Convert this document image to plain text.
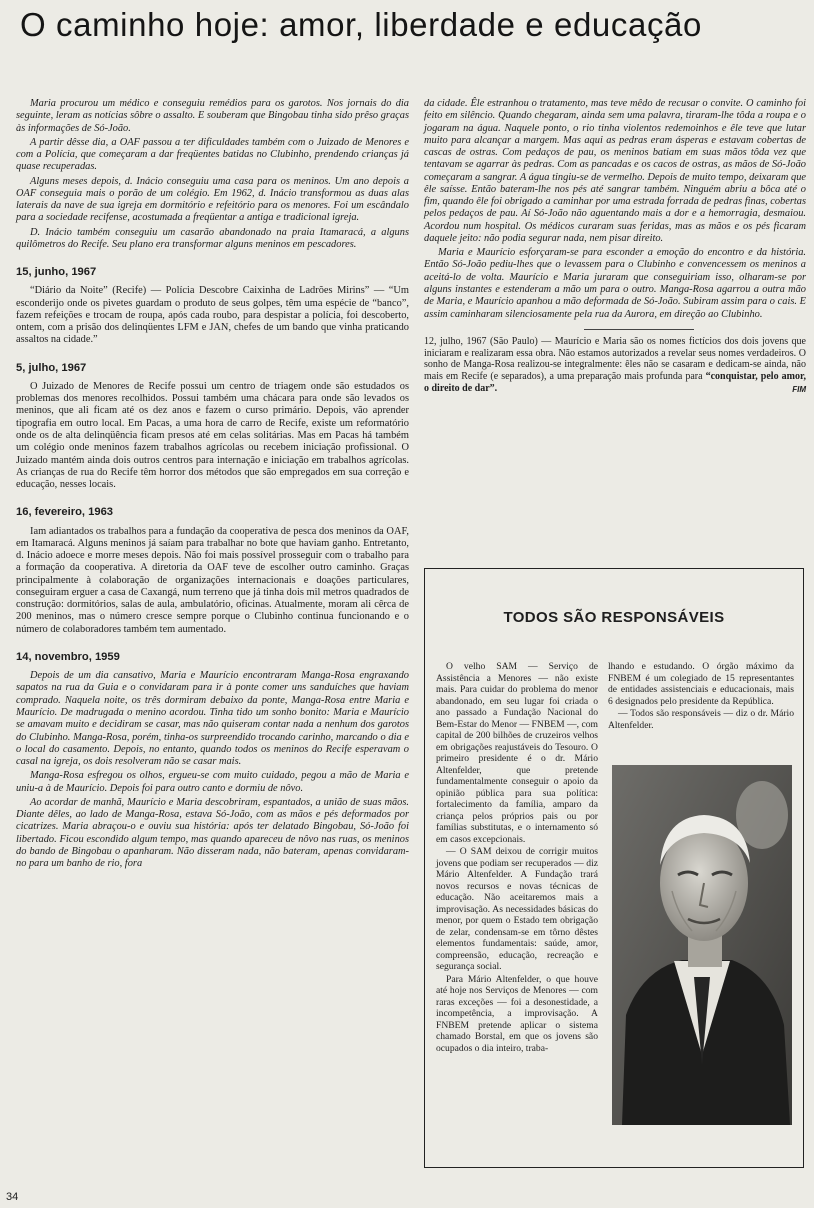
O caminho hoje: amor, liberdade e educação

Maria procurou um médico e conseguiu remédios para os garotos. Nos jornais do dia seguinte, leram as notícias sôbre o assalto. E souberam que Bingobau tinha sido prêso graças às informações de Só-João.

A partir dêsse dia, a OAF passou a ter dificuldades também com o Juizado de Menores e com a Polícia, que começaram a dar freqüentes batidas no Clubinho, prendendo crianças já quase recuperadas.

Alguns meses depois, d. Inácio conseguiu uma casa para os meninos. Um ano depois a OAF conseguia mais o porão de um colégio. Em 1962, d. Inácio transformou as duas alas laterais da nave de sua igreja em dormitório e refeitório para os menores. Foi um escândalo para a sociedade recifense, acostumada a freqüentar a antiga e tradicional igreja.

D. Inácio também conseguiu um casarão abandonado na praia Itamaracá, a alguns quilômetros do Recife. Seu plano era transformar alguns meninos em pescadores.

15, junho, 1967

“Diário da Noite” (Recife) — Polícia Descobre Caixinha de Ladrões Mirins” — “Um esconderijo onde os pivetes guardam o produto de seus golpes, têm uma espécie de “banco”, fazem refeições e trocam de roupa, após cada roubo, para despistar a polícia, foi descoberto, ontem, com a prisão dos delinqüentes LFM e JAN, chefes de um bando que vinha praticando assaltos na cidade.”

5, julho, 1967

O Juizado de Menores de Recife possui um centro de triagem onde são estudados os problemas dos menores recolhidos. Possui também uma chácara para onde são levados os meninos, que ali ficam até os dez anos e fazem o curso primário. Depois, vão aprender tipografia em outro local. Em Pacas, a uma hora de carro de Recife, existe um reformatório onde os de alta delinqüência ficam presos até em celas solitárias. Mas em Pacas há também um colégio onde meninos fazem trabalhos agrícolas ou recebem iniciação profissional. O Juizado mantém ainda dois outros centros para internação e iniciação em trabalhos agrícolas. As crianças de rua do Recife têm horror dos métodos que são empregados em sua correção e educação, nesses locais.

16, fevereiro, 1963

Iam adiantados os trabalhos para a fundação da cooperativa de pesca dos meninos da OAF, em Itamaracá. Alguns meninos já saíam para trabalhar no bote que haviam ganho. Entretanto, d. Inácio adoece e morre meses depois. Não foi mais possível prosseguir com o trabalho para a formação da cooperativa. A diretoria da OAF teve de escolher outro caminho. Graças principalmente à colaboração de organizações internacionais e doações particulares, conseguiram erguer a casa de Caxangá, num terreno que já tinha dois mil metros quadrados de construção: dormitórios, salas de aula, ambulatório, oficinas. Atualmente, moram ali cêrca de 200 meninos, mas o número cresce sempre porque o Clubinho continua funcionando e o número de colaboradores também tem aumentado.

14, novembro, 1959

Depois de um dia cansativo, Maria e Maurício encontraram Manga-Rosa engraxando sapatos na rua da Guia e o convidaram para ir à ponte comer uns sanduíches que haviam comprado. Naquela noite, os três dormiram debaixo da ponte, Manga-Rosa entre Maria e Maurício. De madrugada o menino acordou. Tinha tido um sonho bonito: Maria e Maurício se amavam muito e decidiram se casar, mas não quiseram contar nada a nenhum dos garotos do Clubinho. Manga-Rosa, porém, tinha-os surpreendido trocando carinho, marcando o dia e o local do casamento. Depois, no entanto, quando todos os meninos do Recife esperavam o casal na igreja, os dois resolveram não se casar mais.

Manga-Rosa esfregou os olhos, ergueu-se com muito cuidado, pegou a mão de Maria e uniu-a à de Maurício. Depois foi para outro canto e dormiu de nôvo.

Ao acordar de manhã, Maurício e Maria descobriram, espantados, a união de suas mãos. Diante dêles, ao lado de Manga-Rosa, estava Só-João, com as mãos e pés deformados por cicatrizes. Maria abraçou-o e ouviu sua história: após ter delatado Bingobau, Só-João foi libertado. Ficou escondido algum tempo, mas quando apareceu de nôvo nas ruas, os meninos do bando de Bingobau o apanharam. Não disseram nada, não bateram, apenas convidaram-no para um banho de rio, fora

da cidade. Êle estranhou o tratamento, mas teve mêdo de recusar o convite. O caminho foi feito em silêncio. Quando chegaram, ainda sem uma palavra, tiraram-lhe tôda a roupa e o jogaram na água. Naquele ponto, o rio tinha violentos redemoinhos e êle teve que lutar muito para alcançar a margem. Mas aqui as pedras eram ásperas e estavam cobertas de cascas de ostras. Com pedaços de pau, os meninos batiam em suas mãos tôda vez que tentavam se agarrar às pedras. Com as pancadas e os cacos de ostras, as mãos de Só-João começaram a sangrar. A água tingiu-se de vermelho. Depois de muito tempo, deixaram que êle saísse. Então bateram-lhe nos pés até sangrar também. Ninguém abriu a bôca até o fim, quando êle foi obrigado a caminhar por uma estrada forrada de pedras finas, cobertas pelos pedaços de pau. Aí Só-João não aguentando mais a dor e a hemorragia, desmaiou. Acordou num hospital. Os médicos curaram suas feridas, mas as mãos e os pés ficaram daquele jeito: não podia segurar nada, nem pisar direito.

Maria e Maurício esforçaram-se para esconder a emoção do encontro e da história. Então Só-João pediu-lhes que o levassem para o Clubinho e convencessem os meninos a aceitá-lo de volta. Maurício e Maria juraram que conseguiriam isso, olharam-se por alguns instantes e estenderam a mão um para o outro. Manga-Rosa agarrou a outra mão de Maria, e Maurício apanhou a mão deformada de Só-João. Subiram assim para o cais. E assim caminharam silenciosamente pela rua da Aurora, em direção ao Clubinho.

12, julho, 1967 (São Paulo) — Maurício e Maria são os nomes fictícios dos dois jovens que iniciaram e realizaram essa obra. Não estamos autorizados a revelar seus nomes verdadeiros. O sonho de Manga-Rosa realizou-se integralmente: êles não se casaram e dedicam-se ainda, não mais em Recife (e separados), a uma preparação mais profunda para “conquistar, pelo amor, o direito de dar”.	FIM

TODOS SÃO RESPONSÁVEIS

O velho SAM — Serviço de Assistência a Menores — não existe mais. Para cuidar do problema do menor abandonado, em seu lugar foi criada o ano passado a Fundação Nacional do Bem-Estar do Menor — FNBEM —, com capital de 200 bilhões de cruzeiros velhos em obrigações reajustáveis do Tesouro. O primeiro presidente é o dr. Mário Altenfelder, que pretende fundamentalmente conseguir o apoio da opinião pública para sua política: fortalecimento da família, amparo da criança pelos próprios pais ou por famílias substitutas, e o internamento só em casos excepcionais.

— O SAM deixou de corrigir muitos jovens que podiam ser recuperados — diz Mário Altenfelder. A Fundação trará novos recursos e novas técnicas de educação. Não aceitaremos mais a improvisação. As necessidades básicas do menor, por quem o Estado tem obrigação de zelar, condensam-se em tôrno dêstes elementos fundamentais: saúde, amor, compreensão, educação, recreação e segurança social.

Para Mário Altenfelder, o que houve até hoje nos Serviços de Menores — com raras exceções — foi a desonestidade, a incompetência, a improvisação. A FNBEM pretende aplicar o sistema chamado Borstal, em que os jovens são ocupados o dia inteiro, traba-

lhando e estudando. O órgão máximo da FNBEM é um colegiado de 15 representantes de entidades assistenciais e educacionais, mais 6 designados pelo presidente da República.

— Todos são responsáveis — diz o dr. Mário Altenfelder.

34
